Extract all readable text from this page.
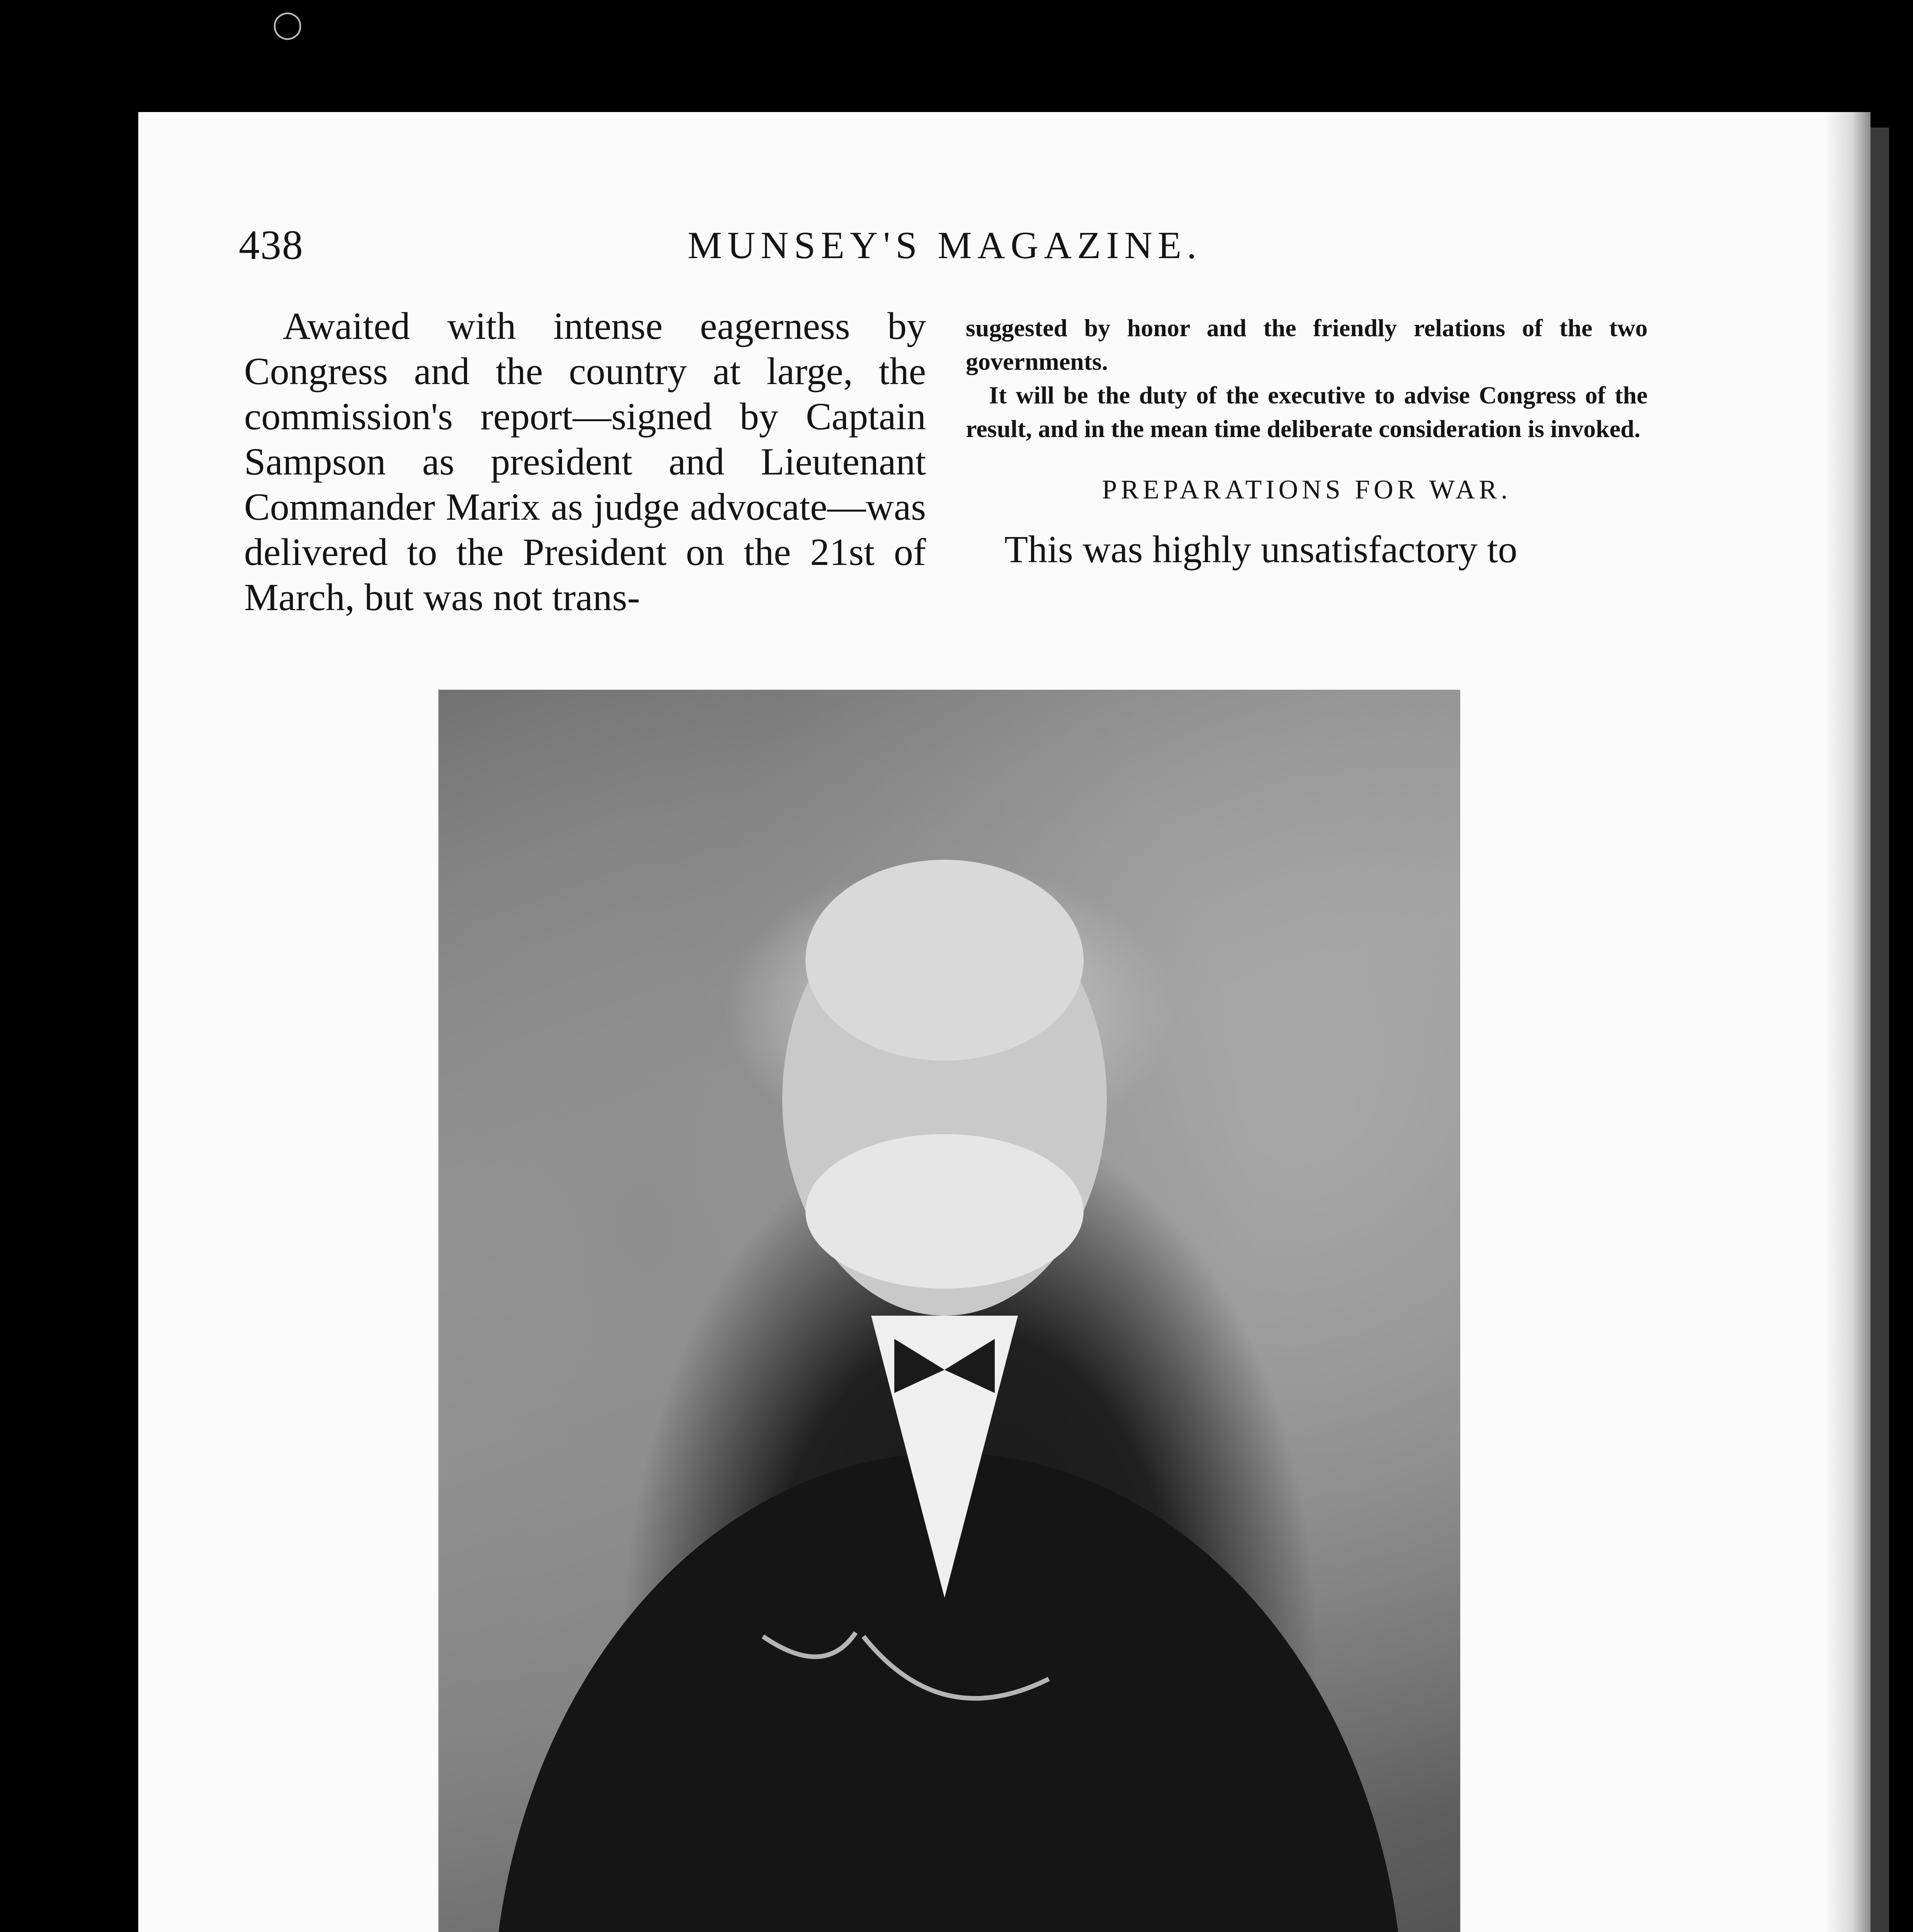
◯
438	MUNSEY'S MAGAZINE.

Awaited with intense eagerness by Congress and the country at large, the commission's report—signed by Captain Sampson as president and Lieutenant Commander Marix as judge advocate—was delivered to the President on the 21st of March, but was not trans-

suggested by honor and the friendly relations of the two governments.

It will be the duty of the executive to advise Congress of the result, and in the mean time deliberate consideration is invoked.

PREPARATIONS FOR WAR.

This was highly unsatisfactory to
